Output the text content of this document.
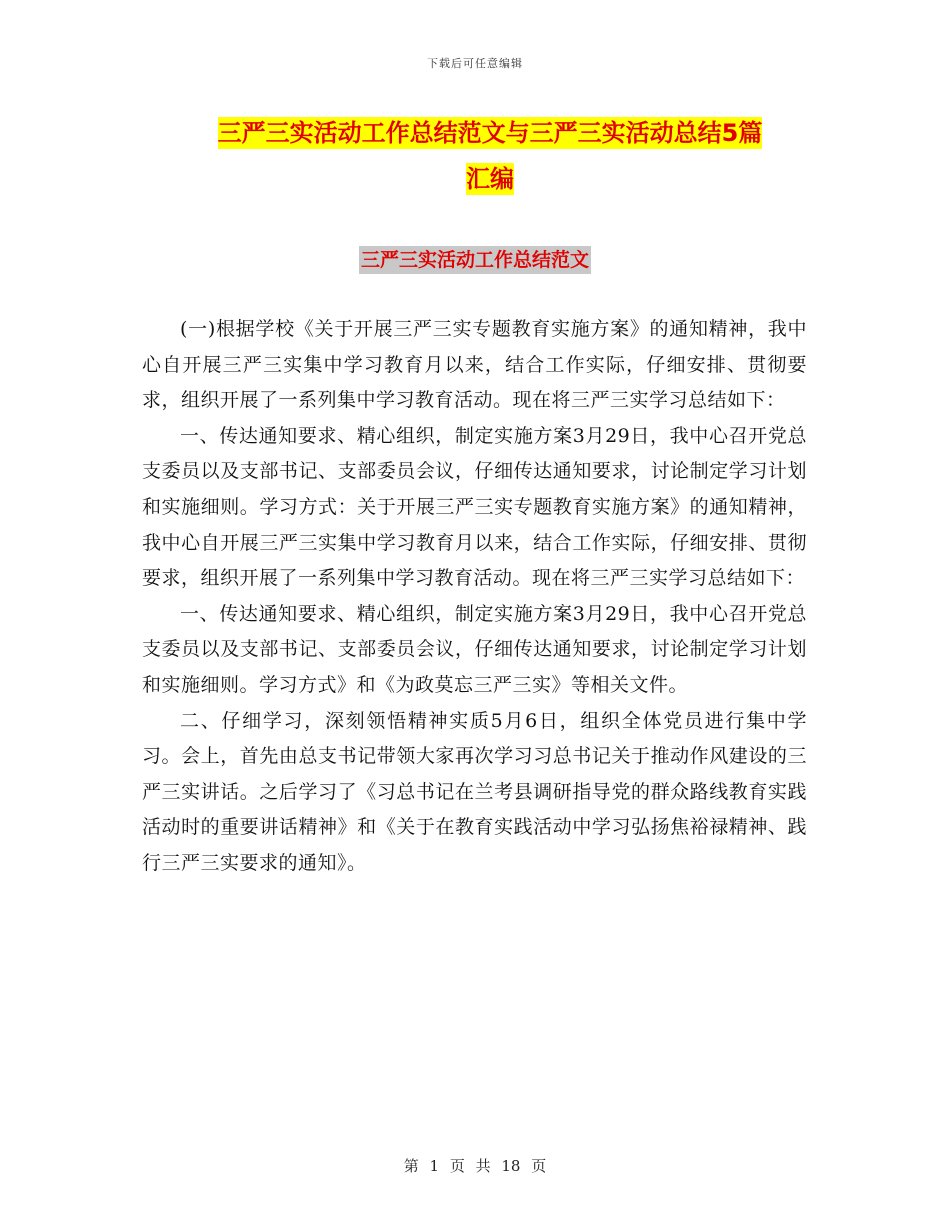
下载后可任意编辑
三严三实活动工作总结范文与三严三实活动总结5篇
汇编
三严三实活动工作总结范文

(一)根据学校《关于开展三严三实专题教育实施方案》的通知精神，我中心自开展三严三实集中学习教育月以来，结合工作实际，仔细安排、贯彻要求，组织开展了一系列集中学习教育活动。现在将三严三实学习总结如下：

一、传达通知要求、精心组织，制定实施方案3月29日，我中心召开党总支委员以及支部书记、支部委员会议，仔细传达通知要求，讨论制定学习计划和实施细则。学习方式：关于开展三严三实专题教育实施方案》的通知精神，我中心自开展三严三实集中学习教育月以来，结合工作实际，仔细安排、贯彻要求，组织开展了一系列集中学习教育活动。现在将三严三实学习总结如下：

一、传达通知要求、精心组织，制定实施方案3月29日，我中心召开党总支委员以及支部书记、支部委员会议，仔细传达通知要求，讨论制定学习计划和实施细则。学习方式》和《为政莫忘三严三实》等相关文件。

二、仔细学习，深刻领悟精神实质5月6日，组织全体党员进行集中学习。会上，首先由总支书记带领大家再次学习习总书记关于推动作风建设的三严三实讲话。之后学习了《习总书记在兰考县调研指导党的群众路线教育实践活动时的重要讲话精神》和《关于在教育实践活动中学习弘扬焦裕禄精神、践行三严三实要求的通知》。

第 1 页 共 18 页
